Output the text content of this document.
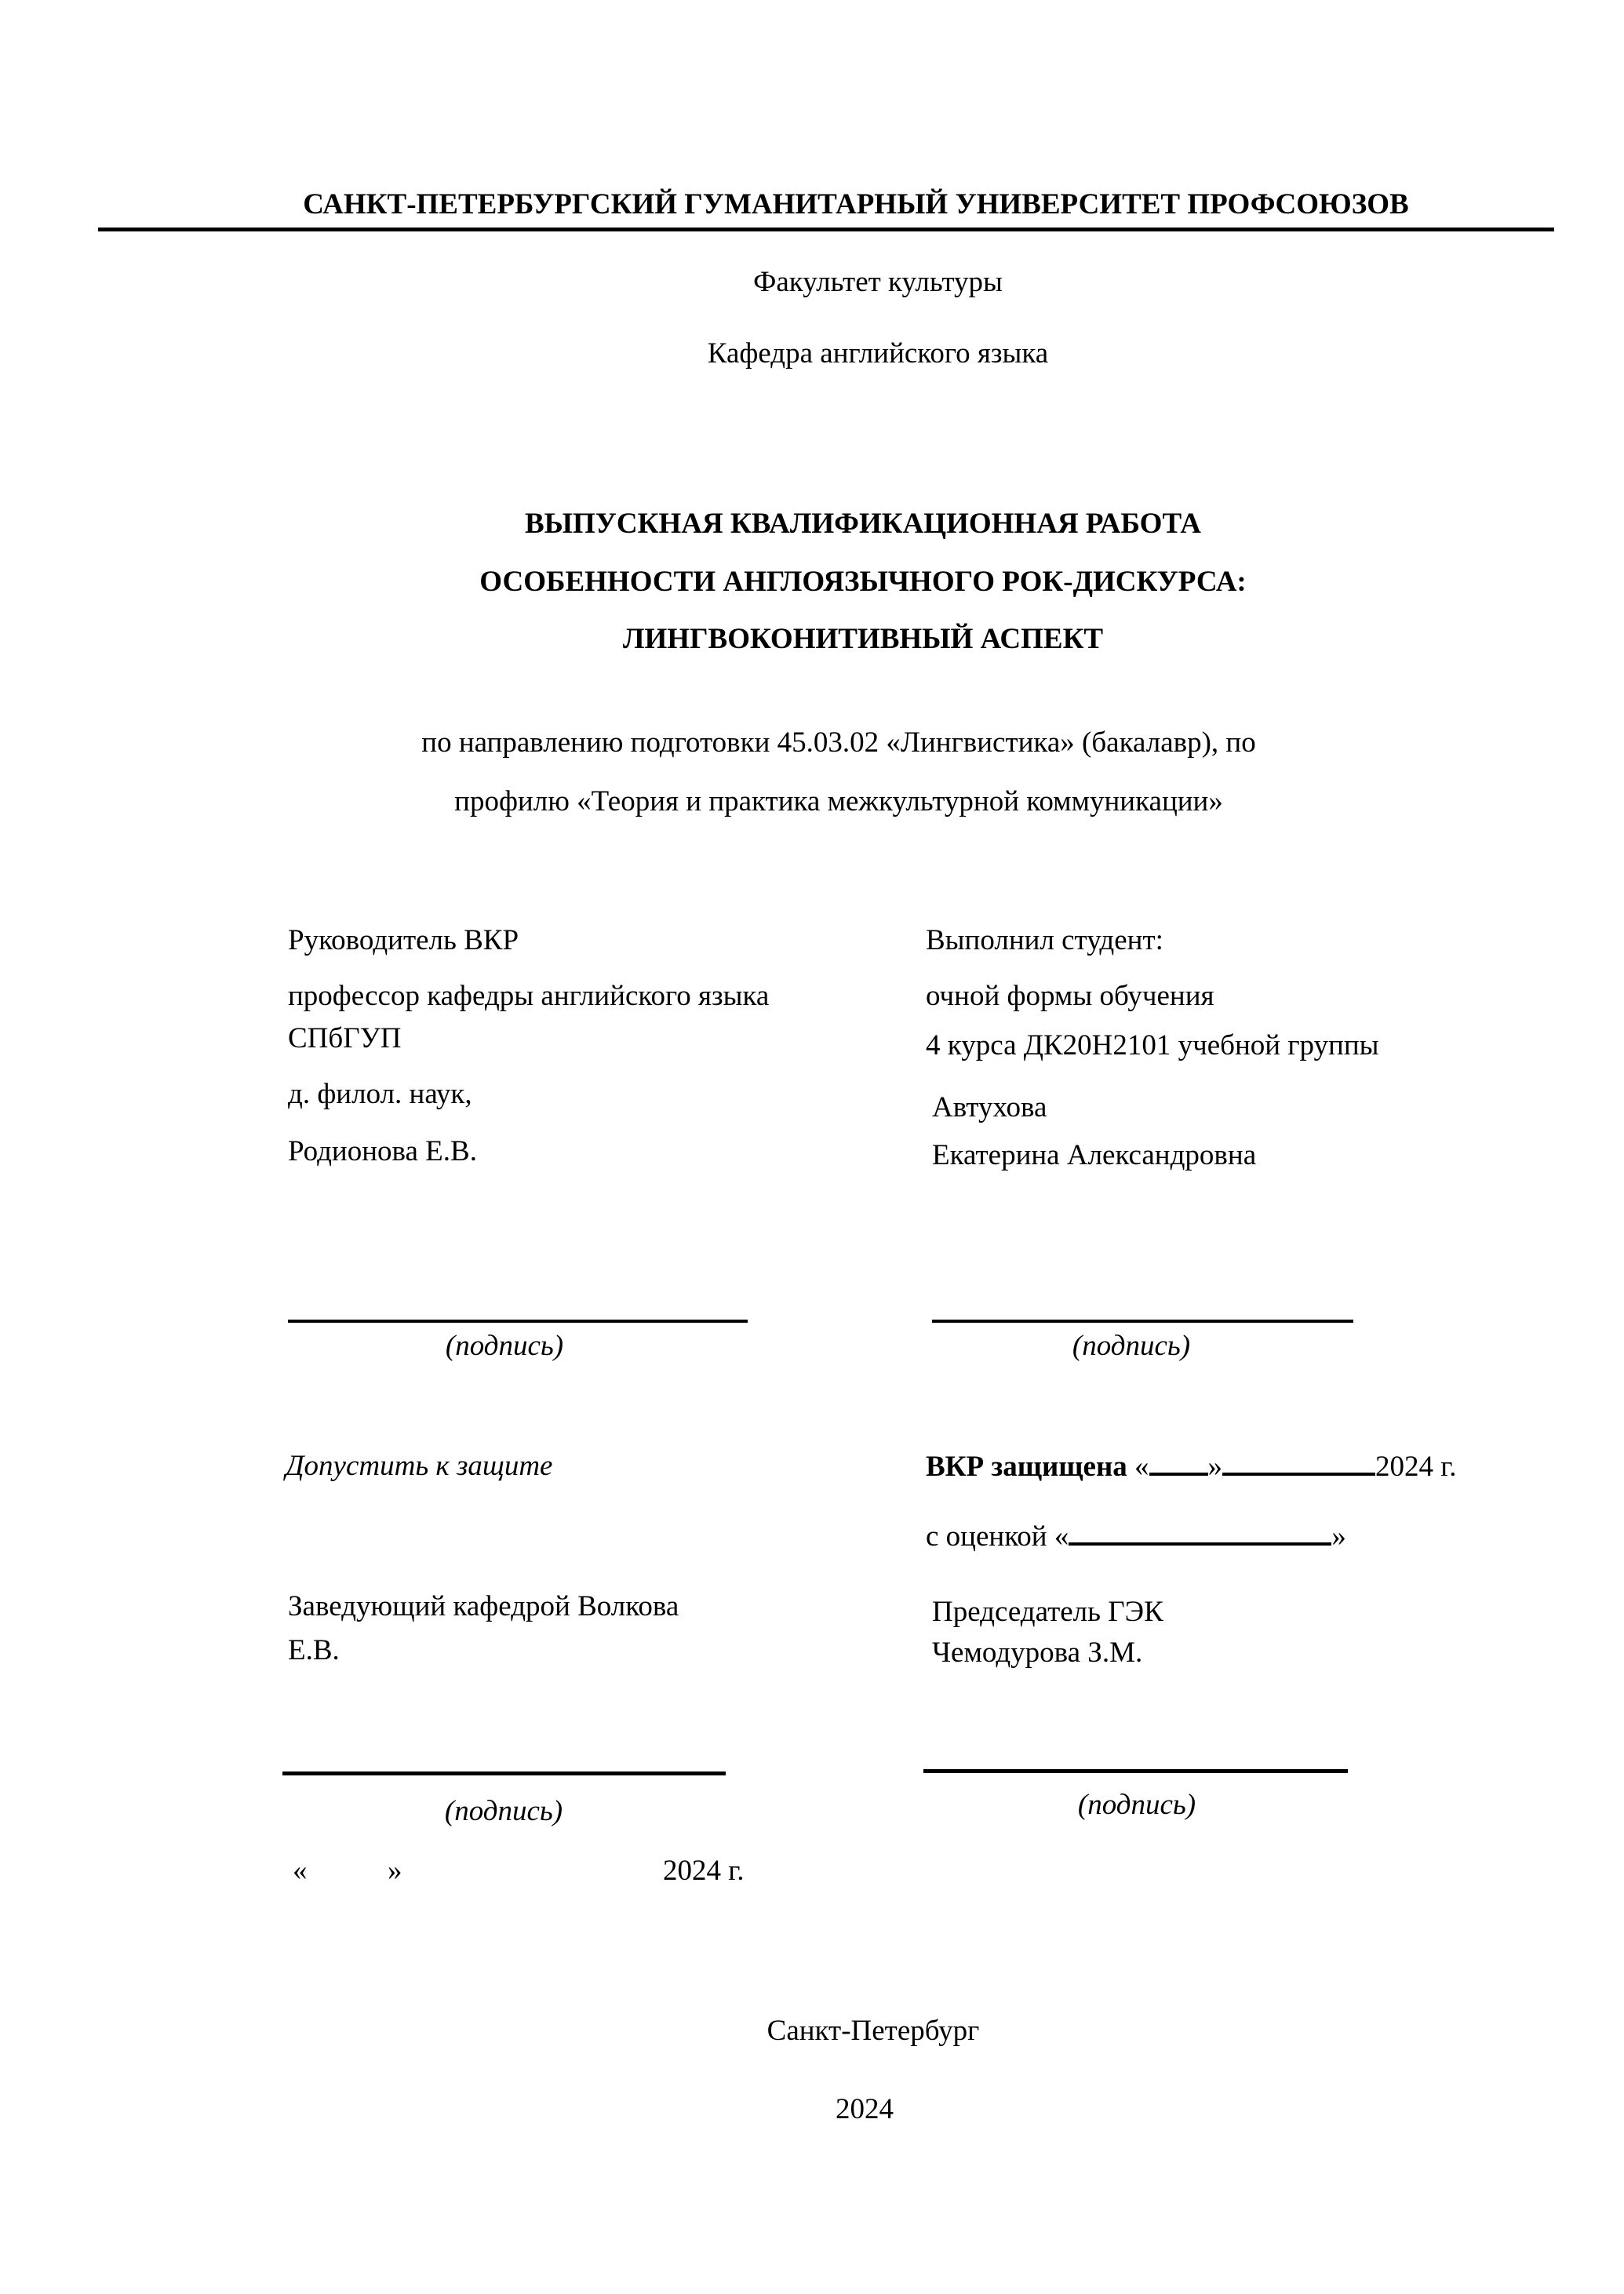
САНКТ-ПЕТЕРБУРГСКИЙ ГУМАНИТАРНЫЙ УНИВЕРСИТЕТ ПРОФСОЮЗОВ
Факультет культуры
Кафедра английского языка
ВЫПУСКНАЯ КВАЛИФИКАЦИОННАЯ РАБОТА
ОСОБЕННОСТИ АНГЛОЯЗЫЧНОГО РОК-ДИСКУРСА:
ЛИНГВОКОНИТИВНЫЙ АСПЕКТ
по направлению подготовки 45.03.02 «Лингвистика» (бакалавр), по
профилю «Теория и практика межкультурной коммуникации»
Руководитель ВКР
профессор кафедры английского языка
СПбГУП
д. филол. наук,
Родионова Е.В.
Выполнил студент:
очной формы обучения
4 курса ДК20Н2101 учебной группы
Автухова
Екатерина Александровна
(подпись)	(подпись)
Допустить к защите
Заведующий кафедрой Волкова
Е.В.
(подпись)
«	»	2024 г.
ВКР защищена « »	2024 г.
с оценкой «	»
Председатель ГЭК
Чемодурова З.М.
(подпись)
Санкт-Петербург
2024
